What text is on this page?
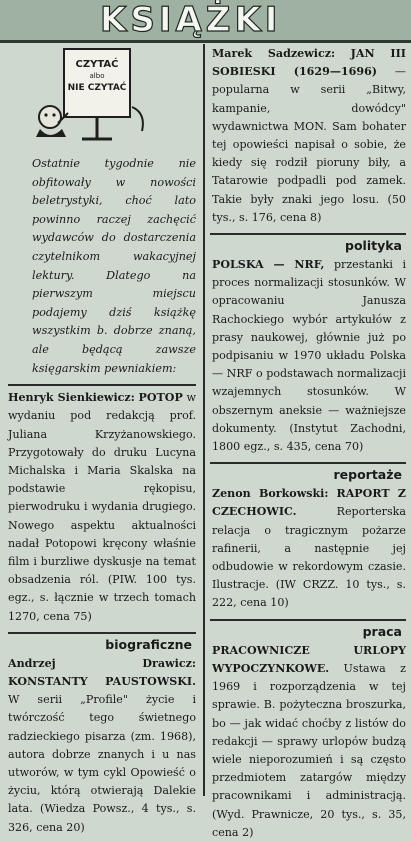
KSIĄŻKI
CZYTAĆ
albo
NIE CZYTAĆ

Ostatnie tygodnie nie obfitowały w nowości beletrystyki, choć lato powinno raczej zachęcić wydawców do dostarczenia czytelnikom wakacyjnej lektury. Dlatego na pierwszym miejscu podajemy dziś książkę wszystkim b. dobrze znaną, ale będącą zawsze księgarskim pewniakiem:

Henryk Sienkiewicz: POTOP w wydaniu pod redakcją prof. Juliana Krzyżanowskiego. Przygotowały do druku Lucyna Michalska i Maria Skalska na podstawie rękopisu, pierwodruku i wydania drugiego. Nowego aspektu aktualności nadał Potopowi kręcony właśnie film i burzliwe dyskusje na temat obsadzenia ról. (PIW. 100 tys. egz., s. łącznie w trzech tomach 1270, cena 75)

biograficzne

Andrzej Drawicz: KONSTANTY PAUSTOWSKI. W serii „Profile" życie i twórczość tego świetnego radzieckiego pisarza (zm. 1968), autora dobrze znanych i u nas utworów, w tym cykl Opowieść o życiu, którą otwierają Dalekie lata. (Wiedza Powsz., 4 tys., s. 326, cena 20)

Marek Sadzewicz: JAN III SOBIESKI (1629—1696) — popularna w serii „Bitwy, kampanie, dowódcy" wydawnictwa MON. Sam bohater tej opowieści napisał o sobie, że kiedy się rodził pioruny biły, a Tatarowie podpadli pod zamek. Takie były znaki jego losu. (50 tys., s. 176, cena 8)

polityka

POLSKA — NRF, przestanki i proces normalizacji stosunków. W opracowaniu Janusza Rachockiego wybór artykułów z prasy naukowej, głównie już po podpisaniu w 1970 układu Polska — NRF o podstawach normalizacji wzajemnych stosunków. W obszernym aneksie — ważniejsze dokumenty. (Instytut Zachodni, 1800 egz., s. 435, cena 70)

reportaże

Zenon Borkowski: RAPORT Z CZECHOWIC.	Reporterska relacja o tragicznym pożarze rafinerii, a następnie jej odbudowie w rekordowym czasie. Ilustracje. (IW CRZZ. 10 tys., s. 222, cena 10)

praca

PRACOWNICZE URLOPY WYPOCZYNKOWE. Ustawa z 1969 i rozporządzenia w tej sprawie. B. pożyteczna broszurka, bo — jak widać choćby z listów do redakcji — sprawy urlopów budzą wiele nieporozumień i są często przedmiotem zatargów między pracownikami i administracją. (Wyd. Prawnicze, 20 tys., s. 35, cena 2)
